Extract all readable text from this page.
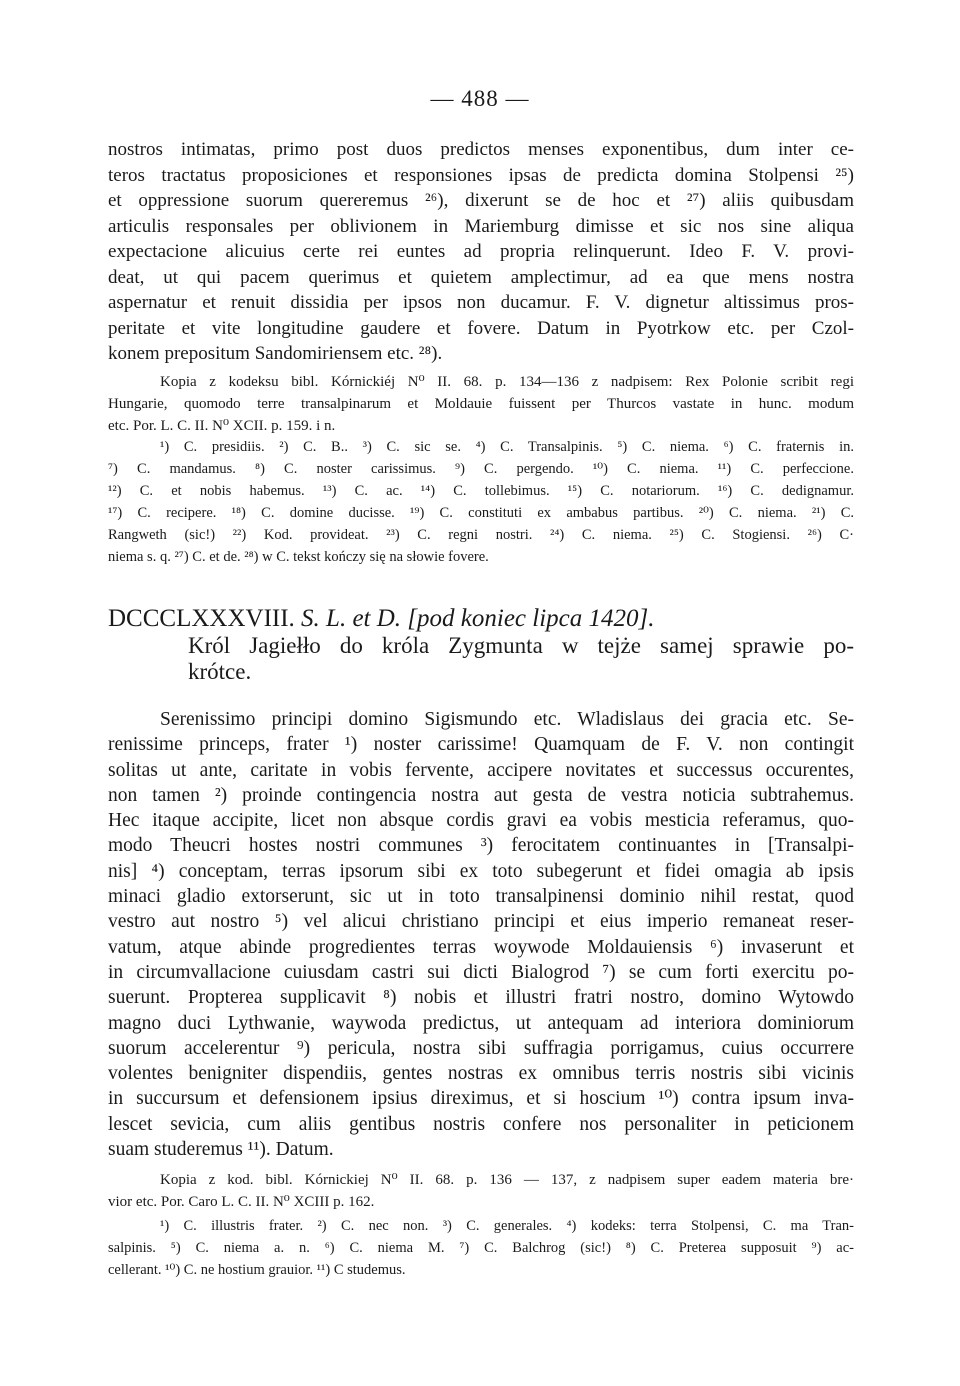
— 488 —
nostros intimatas, primo post duos predictos menses exponentibus, dum inter ce-
teros tractatus proposiciones et responsiones ipsas de predicta domina Stolpensi ²⁵)
et oppressione suorum quereremus ²⁶), dixerunt se de hoc et ²⁷) aliis quibusdam
articulis responsales per oblivionem in Mariemburg dimisse et sic nos sine aliqua
expectacione alicuius certe rei euntes ad propria relinquerunt. Ideo F. V. provi-
deat, ut qui pacem querimus et quietem amplectimur, ad ea que mens nostra
aspernatur et renuit dissidia per ipsos non ducamur. F. V. dignetur altissimus pros-
peritate et vite longitudine gaudere et fovere. Datum in Pyotrkow etc. per Czol-
konem prepositum Sandomiriensem etc. ²⁸).
Kopia z kodeksu bibl. Kórnickiéj N⁰ II. 68. p. 134—136 z nadpisem: Rex Polonie scribit regi
Hungarie, quomodo terre transalpinarum et Moldauie fuissent per Thurcos vastate in hunc. modum
etc. Por. L. C. II. N⁰ XCII. p. 159. i n.
¹) C. presidiis. ²) C. B.. ³) C. sic se. ⁴) C. Transalpinis. ⁵) C. niema. ⁶) C. fraternis in.
⁷) C. mandamus. ⁸) C. noster carissimus. ⁹) C. pergendo. ¹⁰) C. niema. ¹¹) C. perfeccione.
¹²) C. et nobis habemus. ¹³) C. ac. ¹⁴) C. tollebimus. ¹⁵) C. notariorum. ¹⁶) C. dedignamur.
¹⁷) C. recipere. ¹⁸) C. domine ducisse. ¹⁹) C. constituti ex ambabus partibus. ²⁰) C. niema. ²¹) C.
Rangweth (sic!) ²²) Kod. provideat. ²³) C. regni nostri. ²⁴) C. niema. ²⁵) C. Stogiensi. ²⁶) C·
niema s. q. ²⁷) C. et de. ²⁸) w C. tekst kończy się na słowie fovere.
DCCCLXXXVIII. S. L. et D. [pod koniec lipca 1420].
Król Jagiełło do króla Zygmunta w tejże samej sprawie po-
krótce.
Serenissimo principi domino Sigismundo etc. Wladislaus dei gracia etc. Se-
renissime princeps, frater ¹) noster carissime! Quamquam de F. V. non contingit
solitas ut ante, caritate in vobis fervente, accipere novitates et successus occurentes,
non tamen ²) proinde contingencia nostra aut gesta de vestra noticia subtrahemus.
Hec itaque accipite, licet non absque cordis gravi ea vobis mesticia referamus, quo-
modo Theucri hostes nostri communes ³) ferocitatem continuantes in [Transalpi-
nis] ⁴) conceptam, terras ipsorum sibi ex toto subegerunt et fidei omagia ab ipsis
minaci gladio extorserunt, sic ut in toto transalpinensi dominio nihil restat, quod
vestro aut nostro ⁵) vel alicui christiano principi et eius imperio remaneat reser-
vatum, atque abinde progredientes terras woywode Moldauiensis ⁶) invaserunt et
in circumvallacione cuiusdam castri sui dicti Bialogrod ⁷) se cum forti exercitu po-
suerunt. Propterea supplicavit ⁸) nobis et illustri fratri nostro, domino Wytowdo
magno duci Lythwanie, waywoda predictus, ut antequam ad interiora dominiorum
suorum accelerentur ⁹) pericula, nostra sibi suffragia porrigamus, cuius occurrere
volentes benigniter dispendiis, gentes nostras ex omnibus terris nostris sibi vicinis
in succursum et defensionem ipsius direximus, et si hoscium ¹⁰) contra ipsum inva-
lescet sevicia, cum aliis gentibus nostris confere nos personaliter in peticionem
suam studeremus ¹¹). Datum.
Kopia z kod. bibl. Kórnickiej N⁰ II. 68. p. 136 — 137, z nadpisem super eadem materia bre·
vior etc. Por. Caro L. C. II. N⁰ XCIII p. 162.
¹) C. illustris frater. ²) C. nec non. ³) C. generales. ⁴) kodeks: terra Stolpensi, C. ma Tran-
salpinis. ⁵) C. niema a. n. ⁶) C. niema M. ⁷) C. Balchrog (sic!) ⁸) C. Preterea supposuit ⁹) ac-
cellerant. ¹⁰) C. ne hostium grauior. ¹¹) C studemus.
